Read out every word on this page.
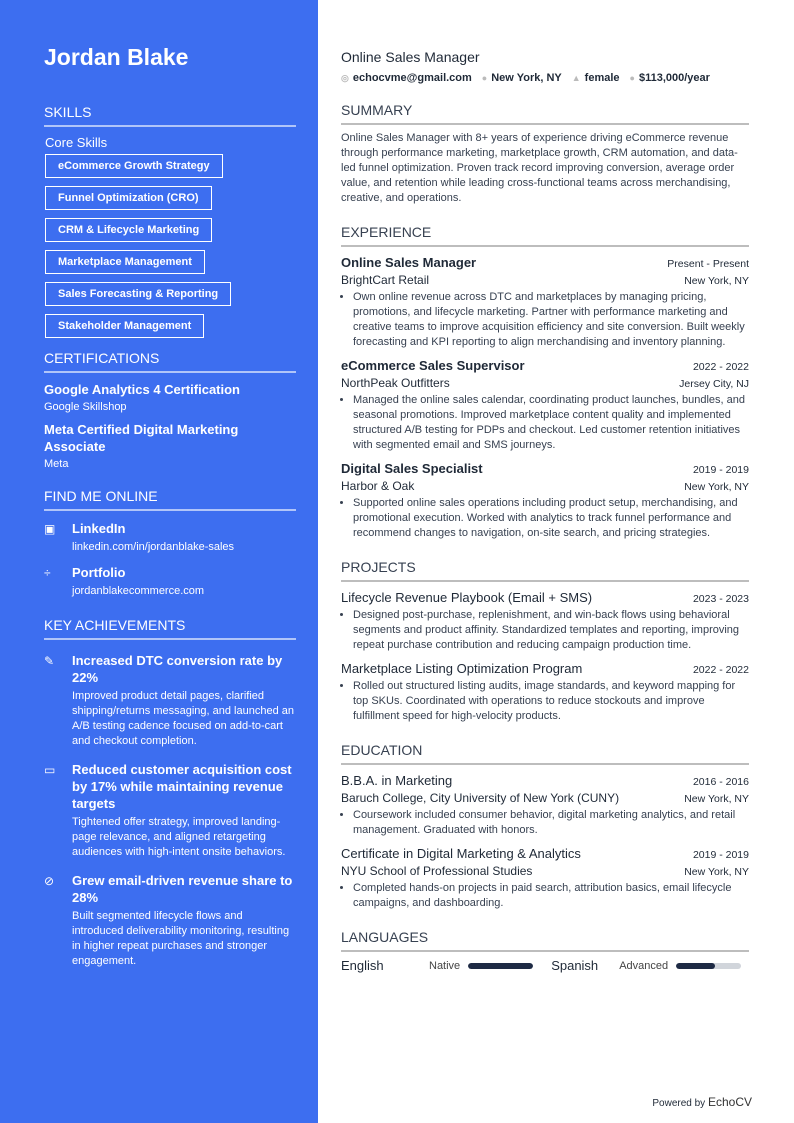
Jordan Blake
SKILLS
Core Skills
eCommerce Growth Strategy
Funnel Optimization (CRO)
CRM & Lifecycle Marketing
Marketplace Management
Sales Forecasting & Reporting
Stakeholder Management
CERTIFICATIONS
Google Analytics 4 Certification
Google Skillshop
Meta Certified Digital Marketing Associate
Meta
FIND ME ONLINE
▣	LinkedIn
linkedin.com/in/jordanblake-sales
÷	Portfolio
jordanblakecommerce.com
KEY ACHIEVEMENTS
✎	Increased DTC conversion rate by 22%
Improved product detail pages, clarified shipping/returns messaging, and launched an A/B testing cadence focused on add-to-cart and checkout completion.
▭	Reduced customer acquisition cost by 17% while maintaining revenue targets
Tightened offer strategy, improved landing-page relevance, and aligned retargeting audiences with high-intent onsite behaviors.
⊘	Grew email-driven revenue share to 28%
Built segmented lifecycle flows and introduced deliverability monitoring, resulting in higher repeat purchases and stronger engagement.
Online Sales Manager
◎ echocvme@gmail.com ● New York, NY ▲ female ● $113,000/year
SUMMARY
Online Sales Manager with 8+ years of experience driving eCommerce revenue through performance marketing, marketplace growth, CRM automation, and data-led funnel optimization. Proven track record improving conversion, average order value, and retention while leading cross-functional teams across merchandising, creative, and operations.
EXPERIENCE
Online Sales Manager	Present - Present
BrightCart Retail	New York, NY
• Own online revenue across DTC and marketplaces by managing pricing, promotions, and lifecycle marketing. Partner with performance marketing and creative teams to improve acquisition efficiency and site conversion. Built weekly forecasting and KPI reporting to align merchandising and inventory planning.
eCommerce Sales Supervisor	2022 - 2022
NorthPeak Outfitters	Jersey City, NJ
• Managed the online sales calendar, coordinating product launches, bundles, and seasonal promotions. Improved marketplace content quality and implemented structured A/B testing for PDPs and checkout. Led customer retention initiatives with segmented email and SMS journeys.
Digital Sales Specialist	2019 - 2019
Harbor & Oak	New York, NY
• Supported online sales operations including product setup, merchandising, and promotional execution. Worked with analytics to track funnel performance and recommend changes to navigation, on-site search, and pricing strategies.
PROJECTS
Lifecycle Revenue Playbook (Email + SMS)	2023 - 2023
• Designed post-purchase, replenishment, and win-back flows using behavioral segments and product affinity. Standardized templates and reporting, improving repeat purchase contribution and reducing campaign production time.
Marketplace Listing Optimization Program	2022 - 2022
• Rolled out structured listing audits, image standards, and keyword mapping for top SKUs. Coordinated with operations to reduce stockouts and improve fulfillment speed for high-velocity products.
EDUCATION
B.B.A. in Marketing	2016 - 2016
Baruch College, City University of New York (CUNY)	New York, NY
• Coursework included consumer behavior, digital marketing analytics, and retail management. Graduated with honors.
Certificate in Digital Marketing & Analytics	2019 - 2019
NYU School of Professional Studies	New York, NY
• Completed hands-on projects in paid search, attribution basics, email lifecycle campaigns, and dashboarding.
LANGUAGES
English	Native	Spanish	Advanced
Powered by EchoCV
